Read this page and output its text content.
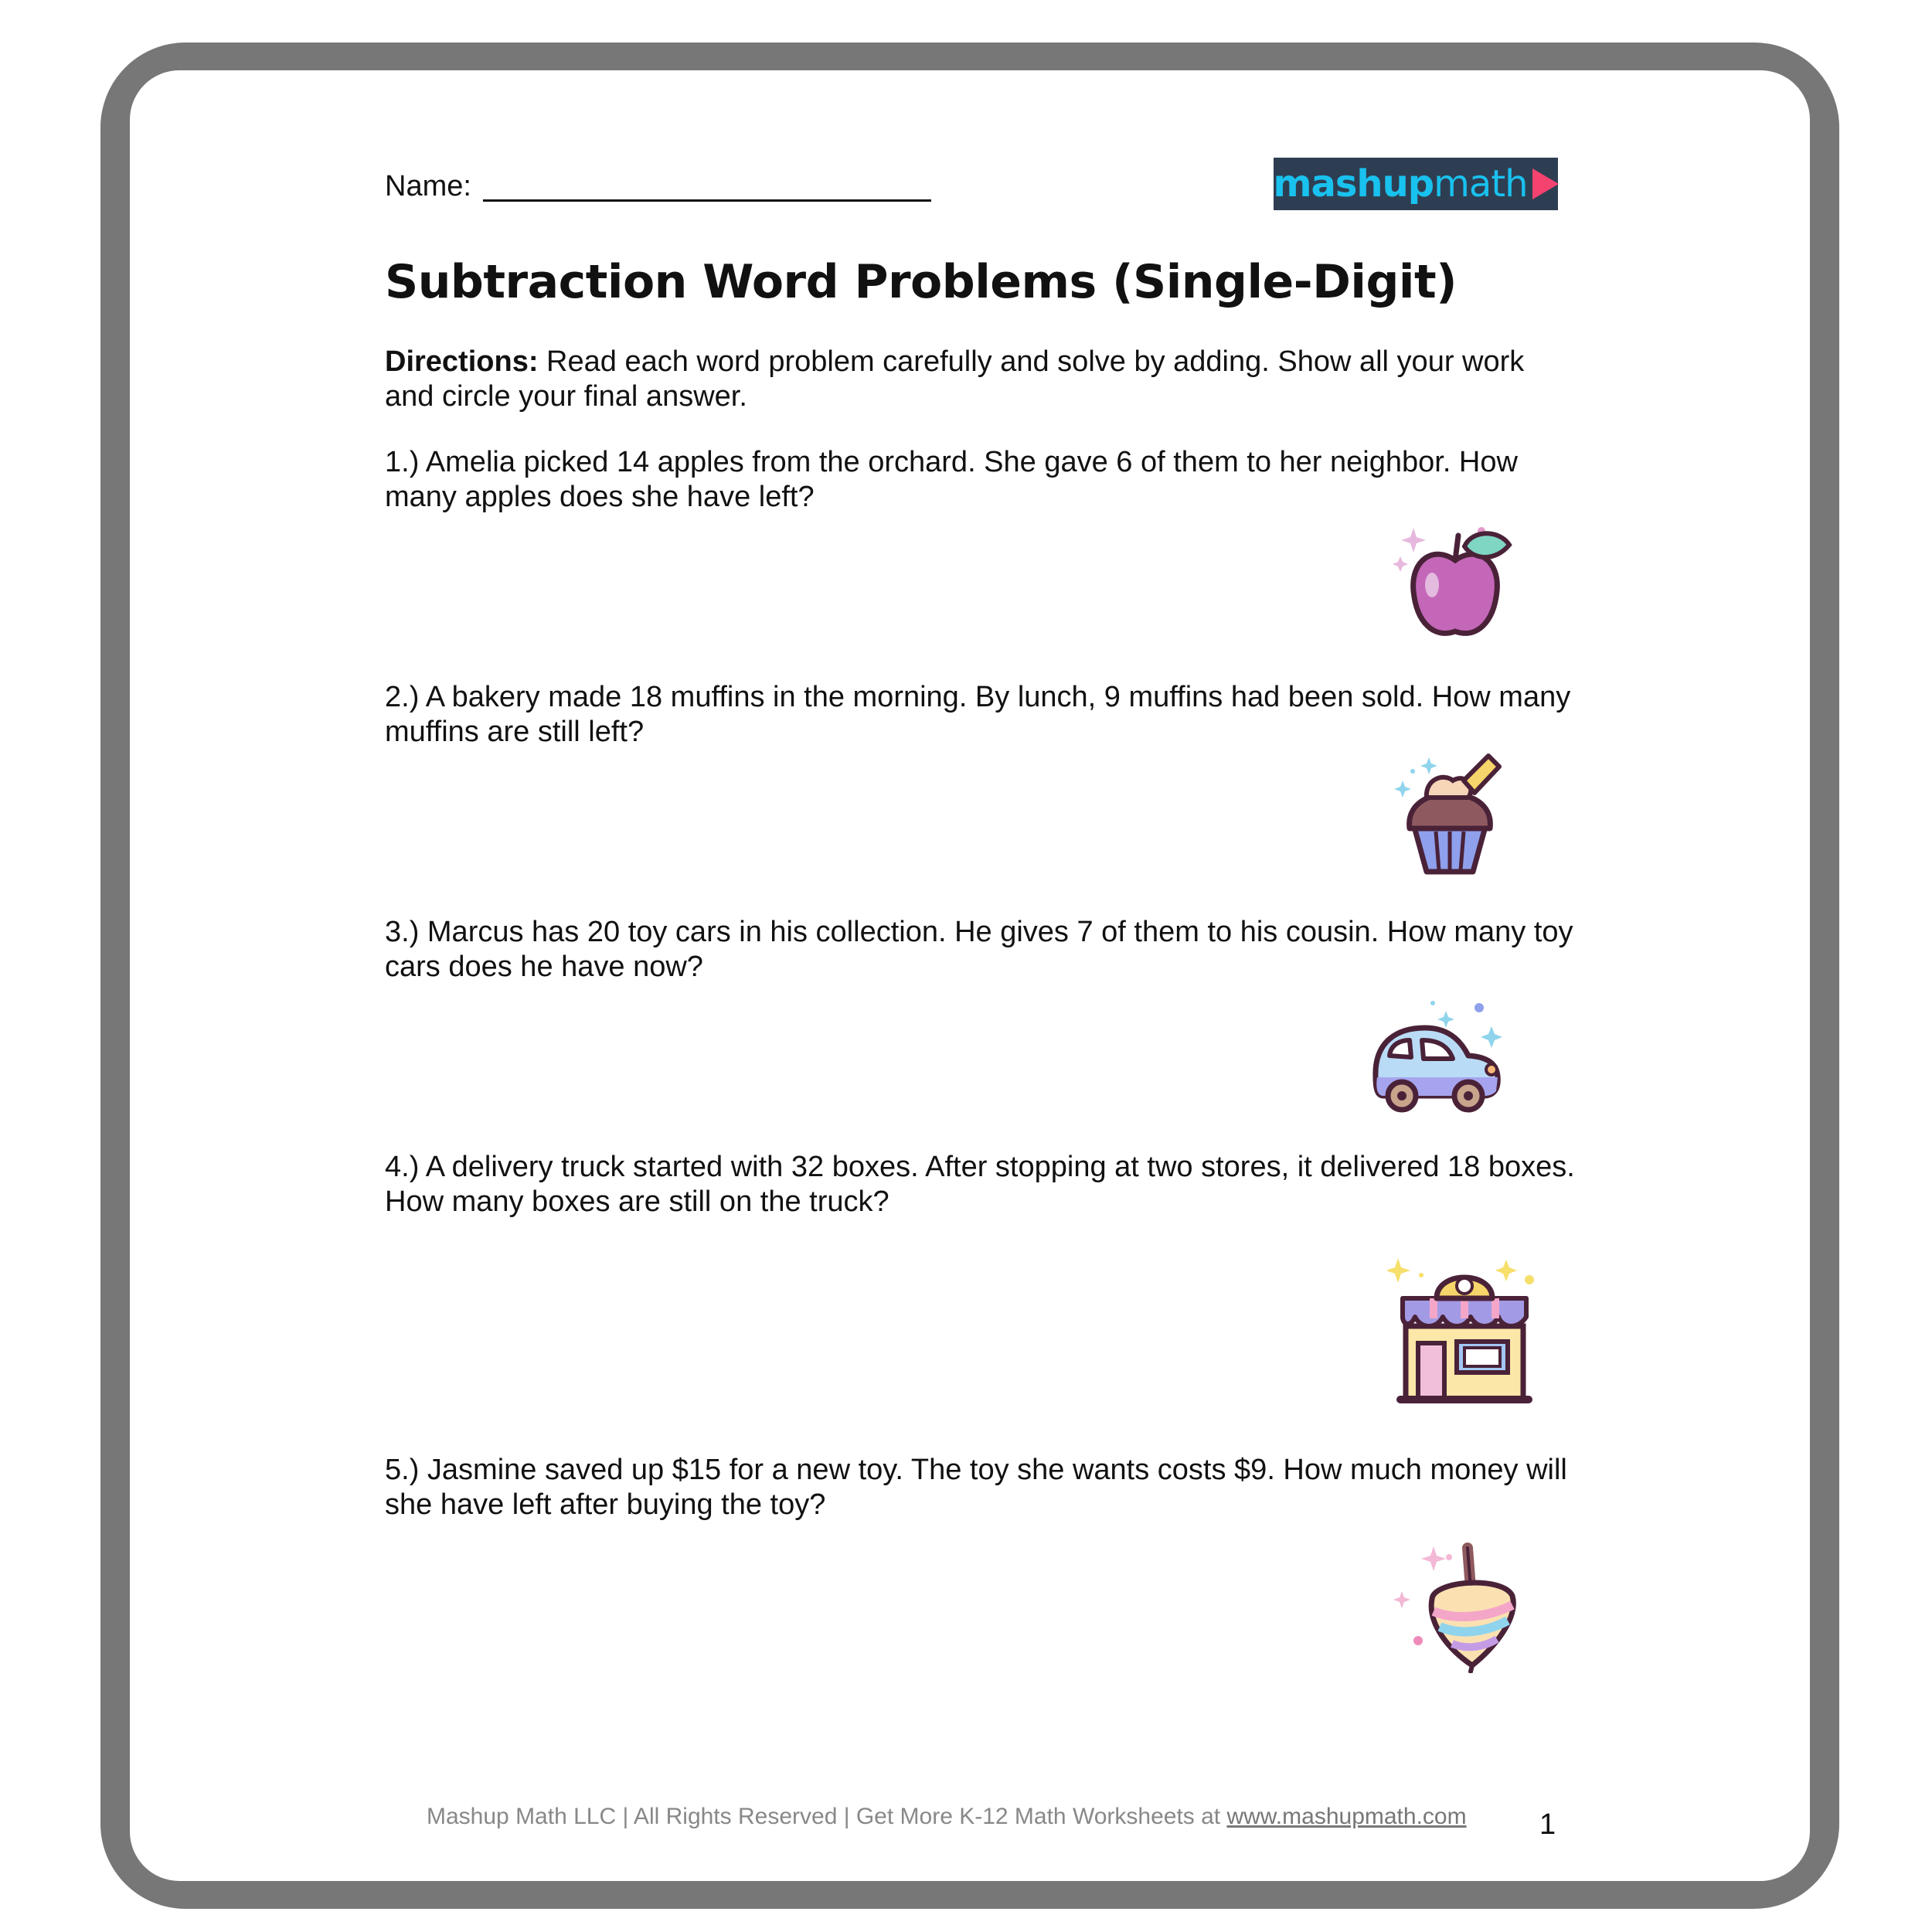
Name:	mashup math
Subtraction Word Problems (Single-Digit)
Directions: Read each word problem carefully and solve by adding. Show all your work and circle your final answer.
1.) Amelia picked 14 apples from the orchard. She gave 6 of them to her neighbor. How many apples does she have left?
2.) A bakery made 18 muffins in the morning. By lunch, 9 muffins had been sold. How many muffins are still left?
3.) Marcus has 20 toy cars in his collection. He gives 7 of them to his cousin. How many toy cars does he have now?
4.) A delivery truck started with 32 boxes. After stopping at two stores, it delivered 18 boxes. How many boxes are still on the truck?
5.) Jasmine saved up $15 for a new toy. The toy she wants costs $9. How much money will she have left after buying the toy?
Mashup Math LLC | All Rights Reserved | Get More K-12 Math Worksheets at www.mashupmath.com 1
